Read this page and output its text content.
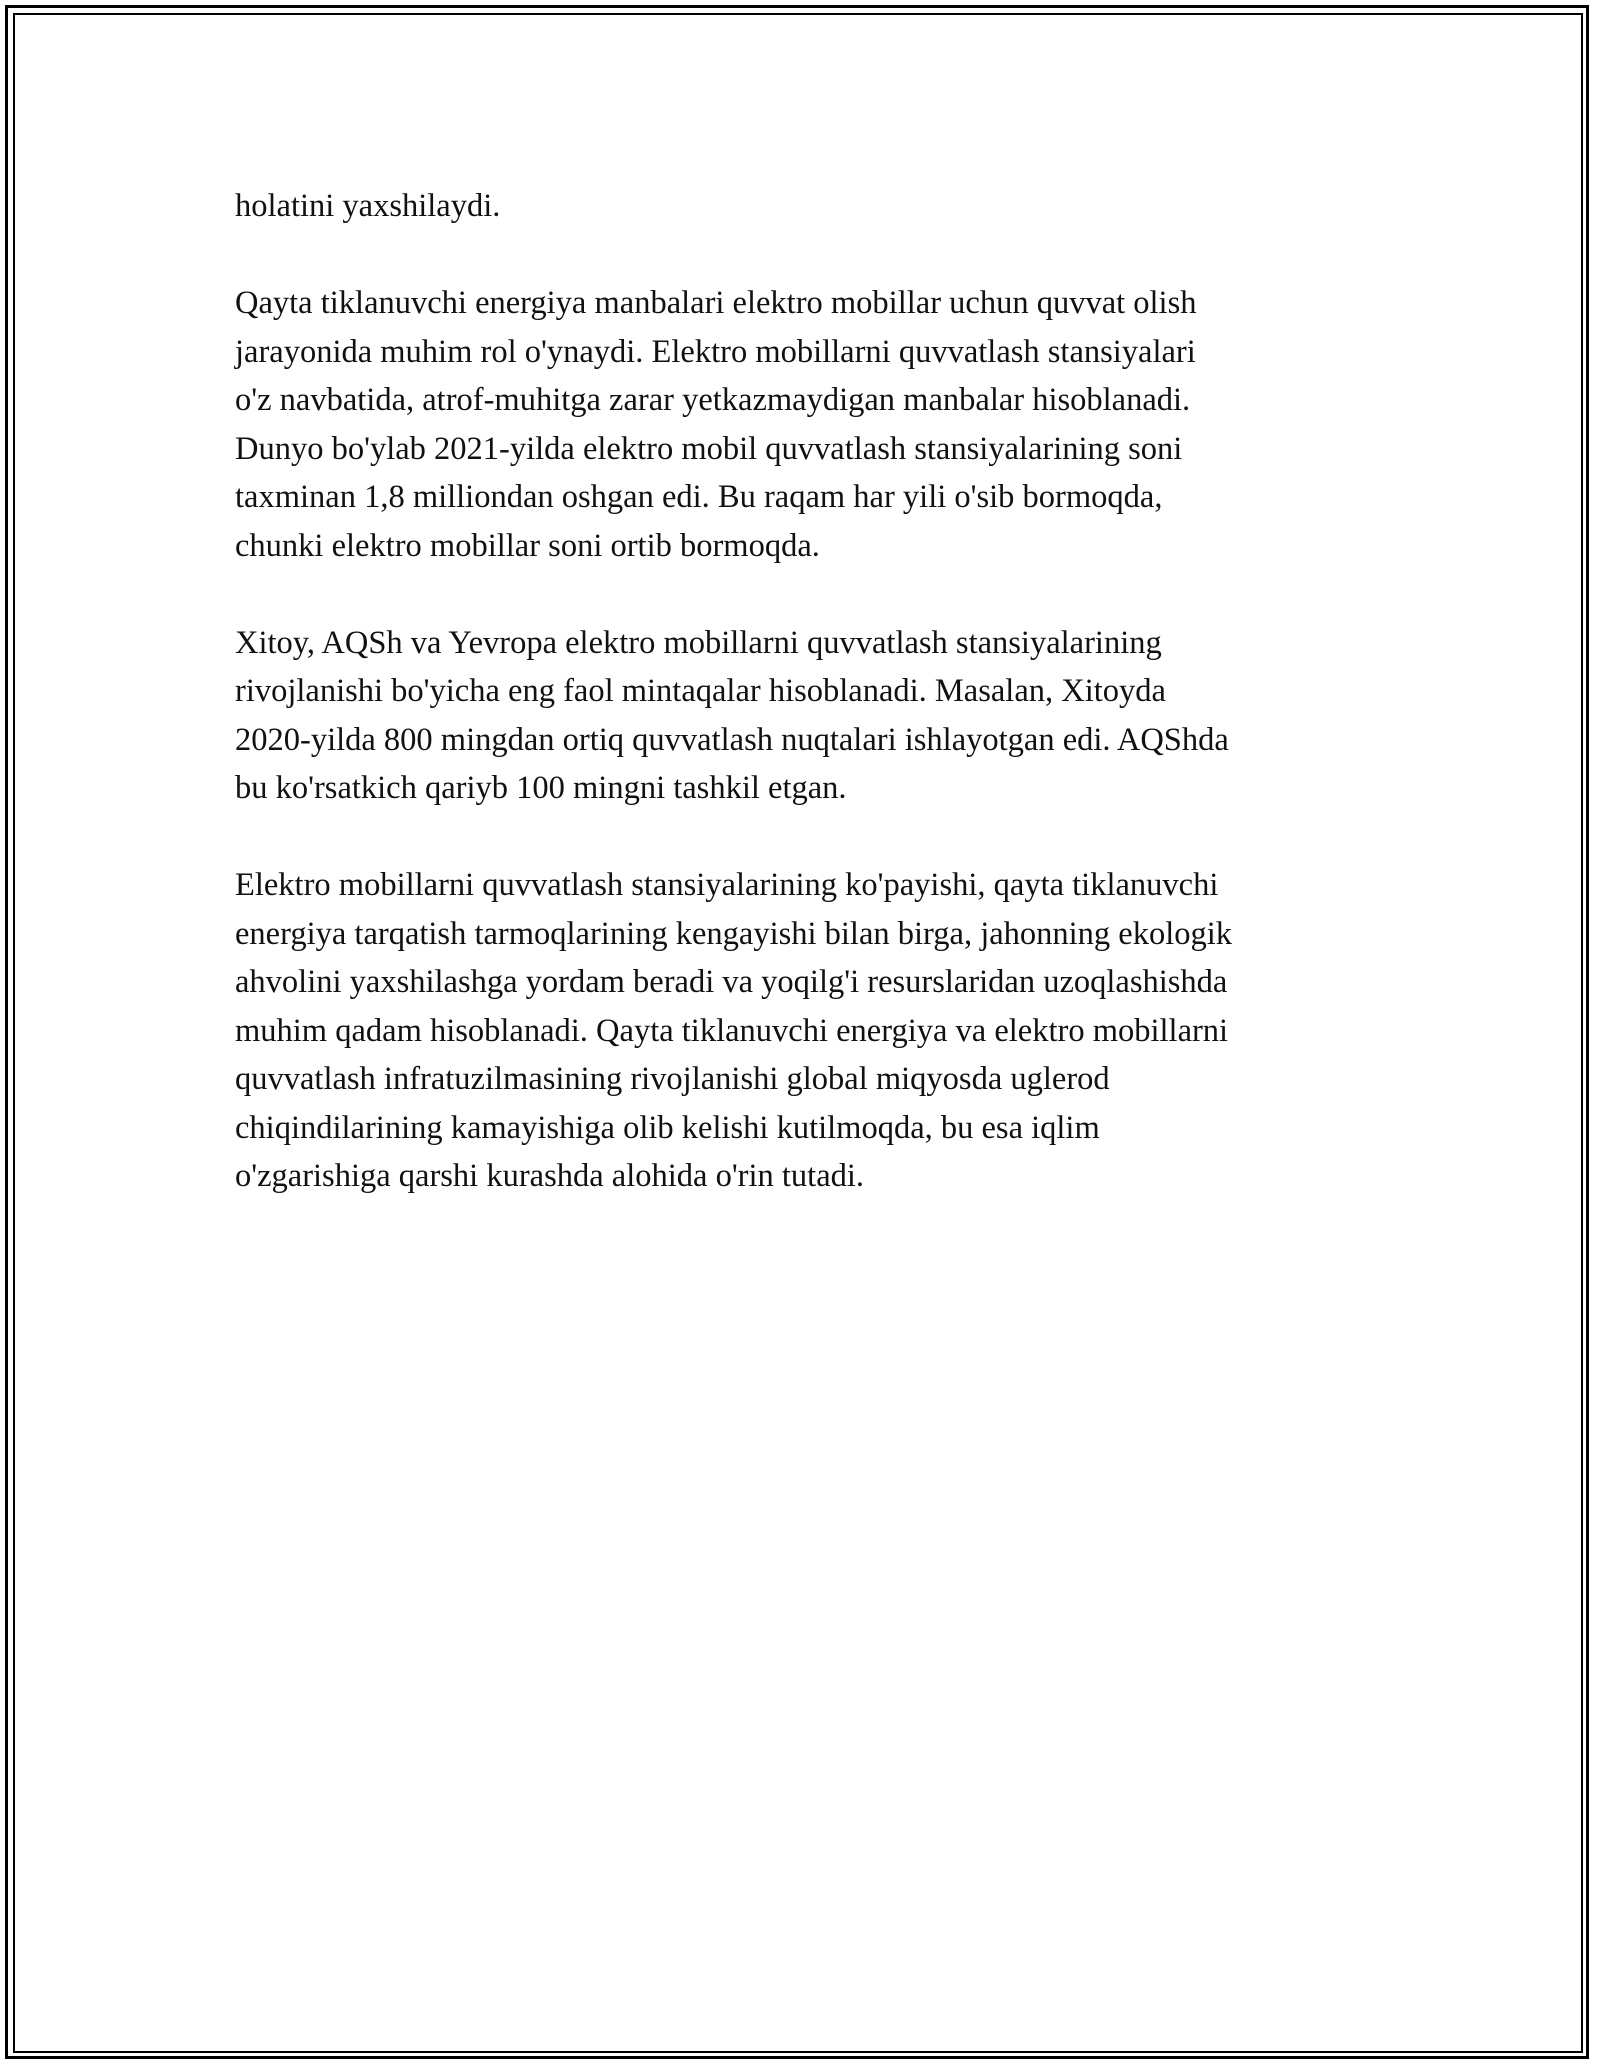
holatini yaxshilaydi.

Qayta tiklanuvchi energiya manbalari elektro mobillar uchun quvvat olish
jarayonida muhim rol o'ynaydi. Elektro mobillarni quvvatlash stansiyalari
o'z navbatida, atrof-muhitga zarar yetkazmaydigan manbalar hisoblanadi.
Dunyo bo'ylab 2021-yilda elektro mobil quvvatlash stansiyalarining soni
taxminan 1,8 milliondan oshgan edi. Bu raqam har yili o'sib bormoqda,
chunki elektro mobillar soni ortib bormoqda.

Xitoy, AQSh va Yevropa elektro mobillarni quvvatlash stansiyalarining
rivojlanishi bo'yicha eng faol mintaqalar hisoblanadi. Masalan, Xitoyda
2020-yilda 800 mingdan ortiq quvvatlash nuqtalari ishlayotgan edi. AQShda
bu ko'rsatkich qariyb 100 mingni tashkil etgan.

Elektro mobillarni quvvatlash stansiyalarining ko'payishi, qayta tiklanuvchi
energiya tarqatish tarmoqlarining kengayishi bilan birga, jahonning ekologik
ahvolini yaxshilashga yordam beradi va yoqilg'i resurslaridan uzoqlashishda
muhim qadam hisoblanadi. Qayta tiklanuvchi energiya va elektro mobillarni
quvvatlash infratuzilmasining rivojlanishi global miqyosda uglerod
chiqindilarining kamayishiga olib kelishi kutilmoqda, bu esa iqlim
o'zgarishiga qarshi kurashda alohida o'rin tutadi.
